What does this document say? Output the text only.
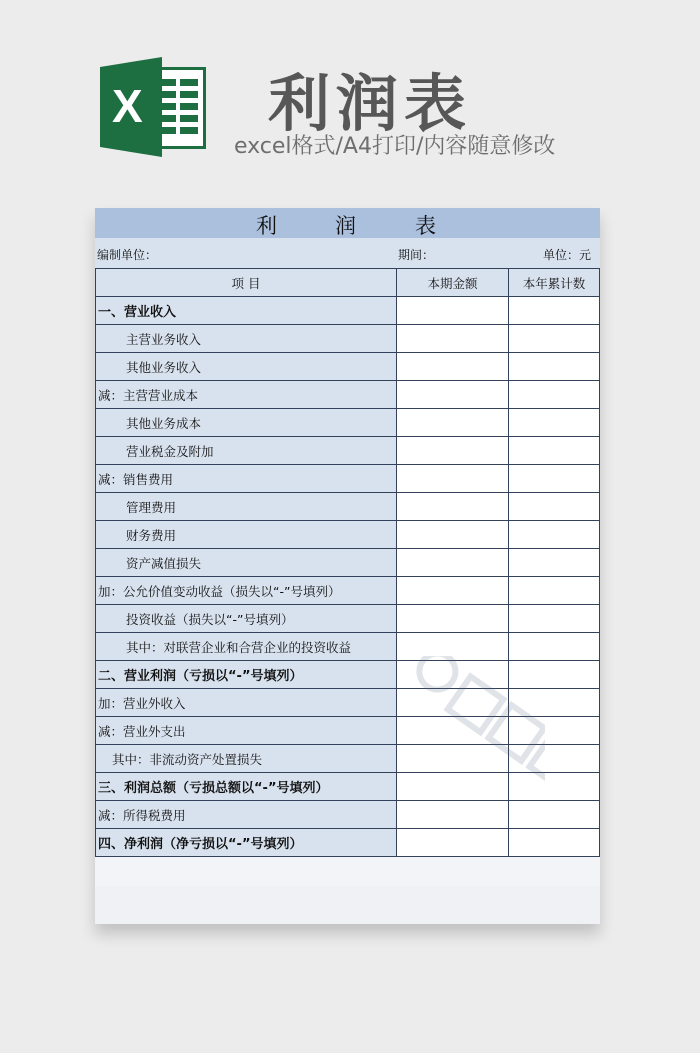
X 利润表
excel格式/A4打印/内容随意修改
利	润	表
编制单位：	期间：	单位：元
项 目	本期金额	本年累计数
一、营业收入		
主营业务收入		
其他业务收入		
减：主营营业成本		
其他业务成本		
营业税金及附加		
减：销售费用		
管理费用		
财务费用		
资产减值损失		
加：公允价值变动收益（损失以“-”号填列）		
投资收益（损失以“-”号填列）		
其中：对联营企业和合营企业的投资收益		
二、营业利润（亏损以“-”号填列）		
加：营业外收入		
减：营业外支出		
其中：非流动资产处置损失		
三、利润总额（亏损总额以“-”号填列）		
减：所得税费用		
四、净利润（净亏损以“-”号填列）		
